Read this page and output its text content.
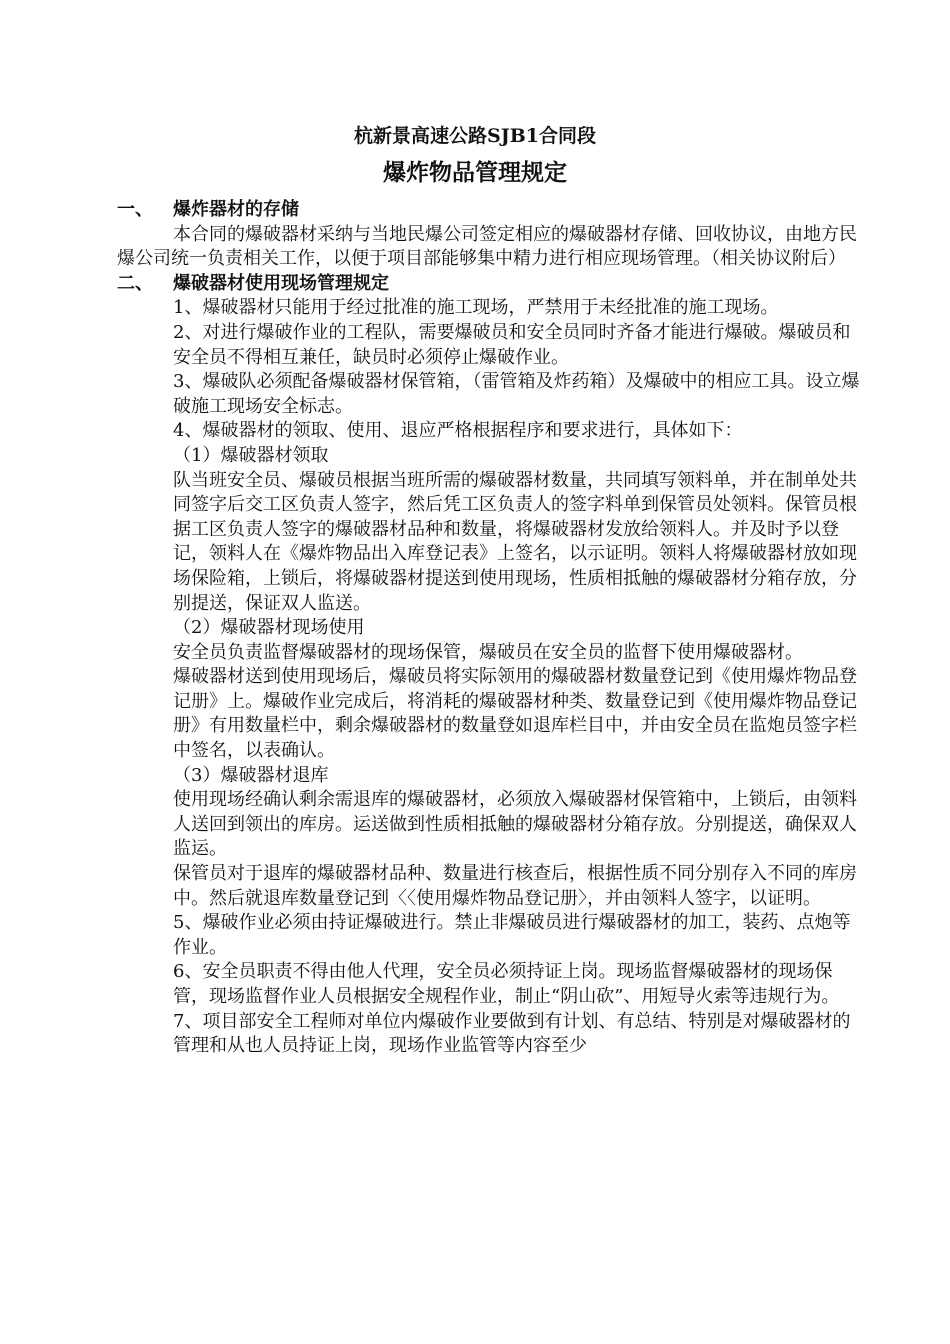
杭新景高速公路SJB1合同段
爆炸物品管理规定
一、 爆炸器材的存储

本合同的爆破器材采纳与当地民爆公司签定相应的爆破器材存储、回收协议，由地方民爆公司统一负责相关工作，以便于项目部能够集中精力进行相应现场管理。（相关协议附后）

二、 爆破器材使用现场管理规定

1、爆破器材只能用于经过批准的施工现场，严禁用于未经批准的施工现场。

2、对进行爆破作业的工程队，需要爆破员和安全员同时齐备才能进行爆破。爆破员和安全员不得相互兼任，缺员时必须停止爆破作业。

3、爆破队必须配备爆破器材保管箱，（雷管箱及炸药箱）及爆破中的相应工具。设立爆破施工现场安全标志。

4、爆破器材的领取、使用、退应严格根据程序和要求进行，具体如下：

（1）爆破器材领取

队当班安全员、爆破员根据当班所需的爆破器材数量，共同填写领料单，并在制单处共同签字后交工区负责人签字，然后凭工区负责人的签字料单到保管员处领料。保管员根据工区负责人签字的爆破器材品种和数量，将爆破器材发放给领料人。并及时予以登记，领料人在《爆炸物品出入库登记表》上签名，以示证明。领料人将爆破器材放如现场保险箱，上锁后，将爆破器材提送到使用现场，性质相抵触的爆破器材分箱存放，分别提送，保证双人监送。

（2）爆破器材现场使用

安全员负责监督爆破器材的现场保管，爆破员在安全员的监督下使用爆破器材。

爆破器材送到使用现场后，爆破员将实际领用的爆破器材数量登记到《使用爆炸物品登记册》上。爆破作业完成后，将消耗的爆破器材种类、数量登记到《使用爆炸物品登记册》有用数量栏中，剩余爆破器材的数量登如退库栏目中，并由安全员在监炮员签字栏中签名，以表确认。

（3）爆破器材退库

使用现场经确认剩余需退库的爆破器材，必须放入爆破器材保管箱中，上锁后，由领料人送回到领出的库房。运送做到性质相抵触的爆破器材分箱存放。分别提送，确保双人监运。

保管员对于退库的爆破器材品种、数量进行核查后，根据性质不同分别存入不同的库房中。然后就退库数量登记到〈〈使用爆炸物品登记册〉，并由领料人签字，以证明。

5、爆破作业必须由持证爆破进行。禁止非爆破员进行爆破器材的加工，装药、点炮等作业。

6、安全员职责不得由他人代理，安全员必须持证上岗。现场监督爆破器材的现场保管，现场监督作业人员根据安全规程作业，制止“阴山砍”、用短导火索等违规行为。

7、项目部安全工程师对单位内爆破作业要做到有计划、有总结、特别是对爆破器材的管理和从也人员持证上岗，现场作业监管等内容至少
